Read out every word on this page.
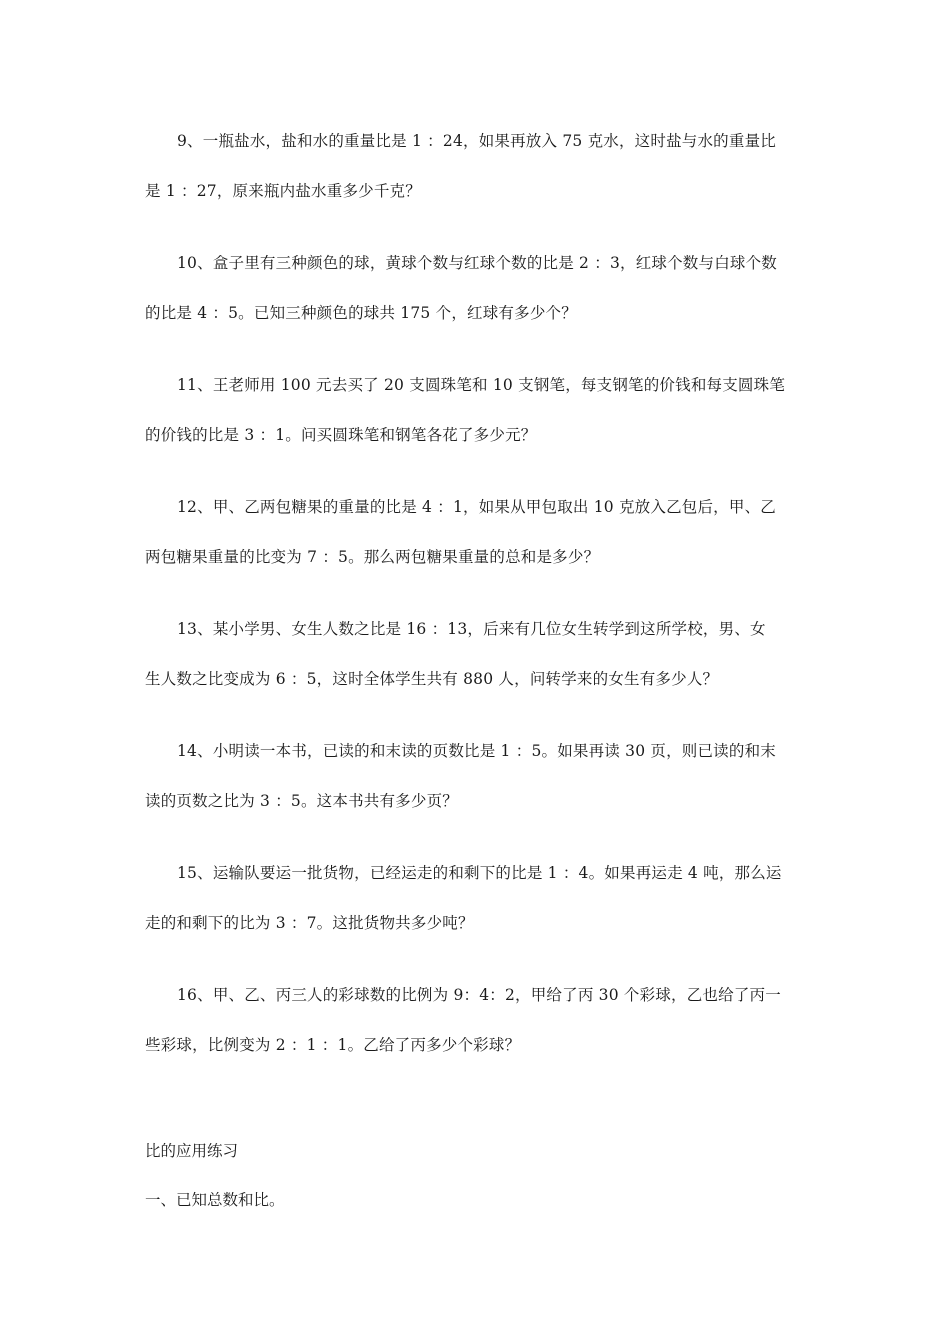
9、一瓶盐水，盐和水的重量比是 1 ：24，如果再放入 75 克水，这时盐与水的重量比
是 1 ：27，原来瓶内盐水重多少千克？
10、盒子里有三种颜色的球，黄球个数与红球个数的比是 2 ：3，红球个数与白球个数
的比是 4 ：5。已知三种颜色的球共 175 个，红球有多少个？
11、王老师用 100 元去买了 20 支圆珠笔和 10 支钢笔，每支钢笔的价钱和每支圆珠笔
的价钱的比是 3 ：1。问买圆珠笔和钢笔各花了多少元？
12、甲、乙两包糖果的重量的比是 4 ：1，如果从甲包取出 10 克放入乙包后，甲、乙
两包糖果重量的比变为 7 ：5。那么两包糖果重量的总和是多少？
13、某小学男、女生人数之比是 16 ：13，后来有几位女生转学到这所学校，男、女
生人数之比变成为 6 ：5，这时全体学生共有 880 人，问转学来的女生有多少人？
14、小明读一本书，已读的和末读的页数比是 1 ：5。如果再读 30 页，则已读的和末
读的页数之比为 3 ：5。这本书共有多少页？
15、运输队要运一批货物，已经运走的和剩下的比是 1 ：4。如果再运走 4 吨，那么运
走的和剩下的比为 3 ：7。这批货物共多少吨？
16、甲、乙、丙三人的彩球数的比例为 9：4：2，甲给了丙 30 个彩球，乙也给了丙一
些彩球，比例变为 2 ：1 ：1。乙给了丙多少个彩球？
比的应用练习
一、已知总数和比。
